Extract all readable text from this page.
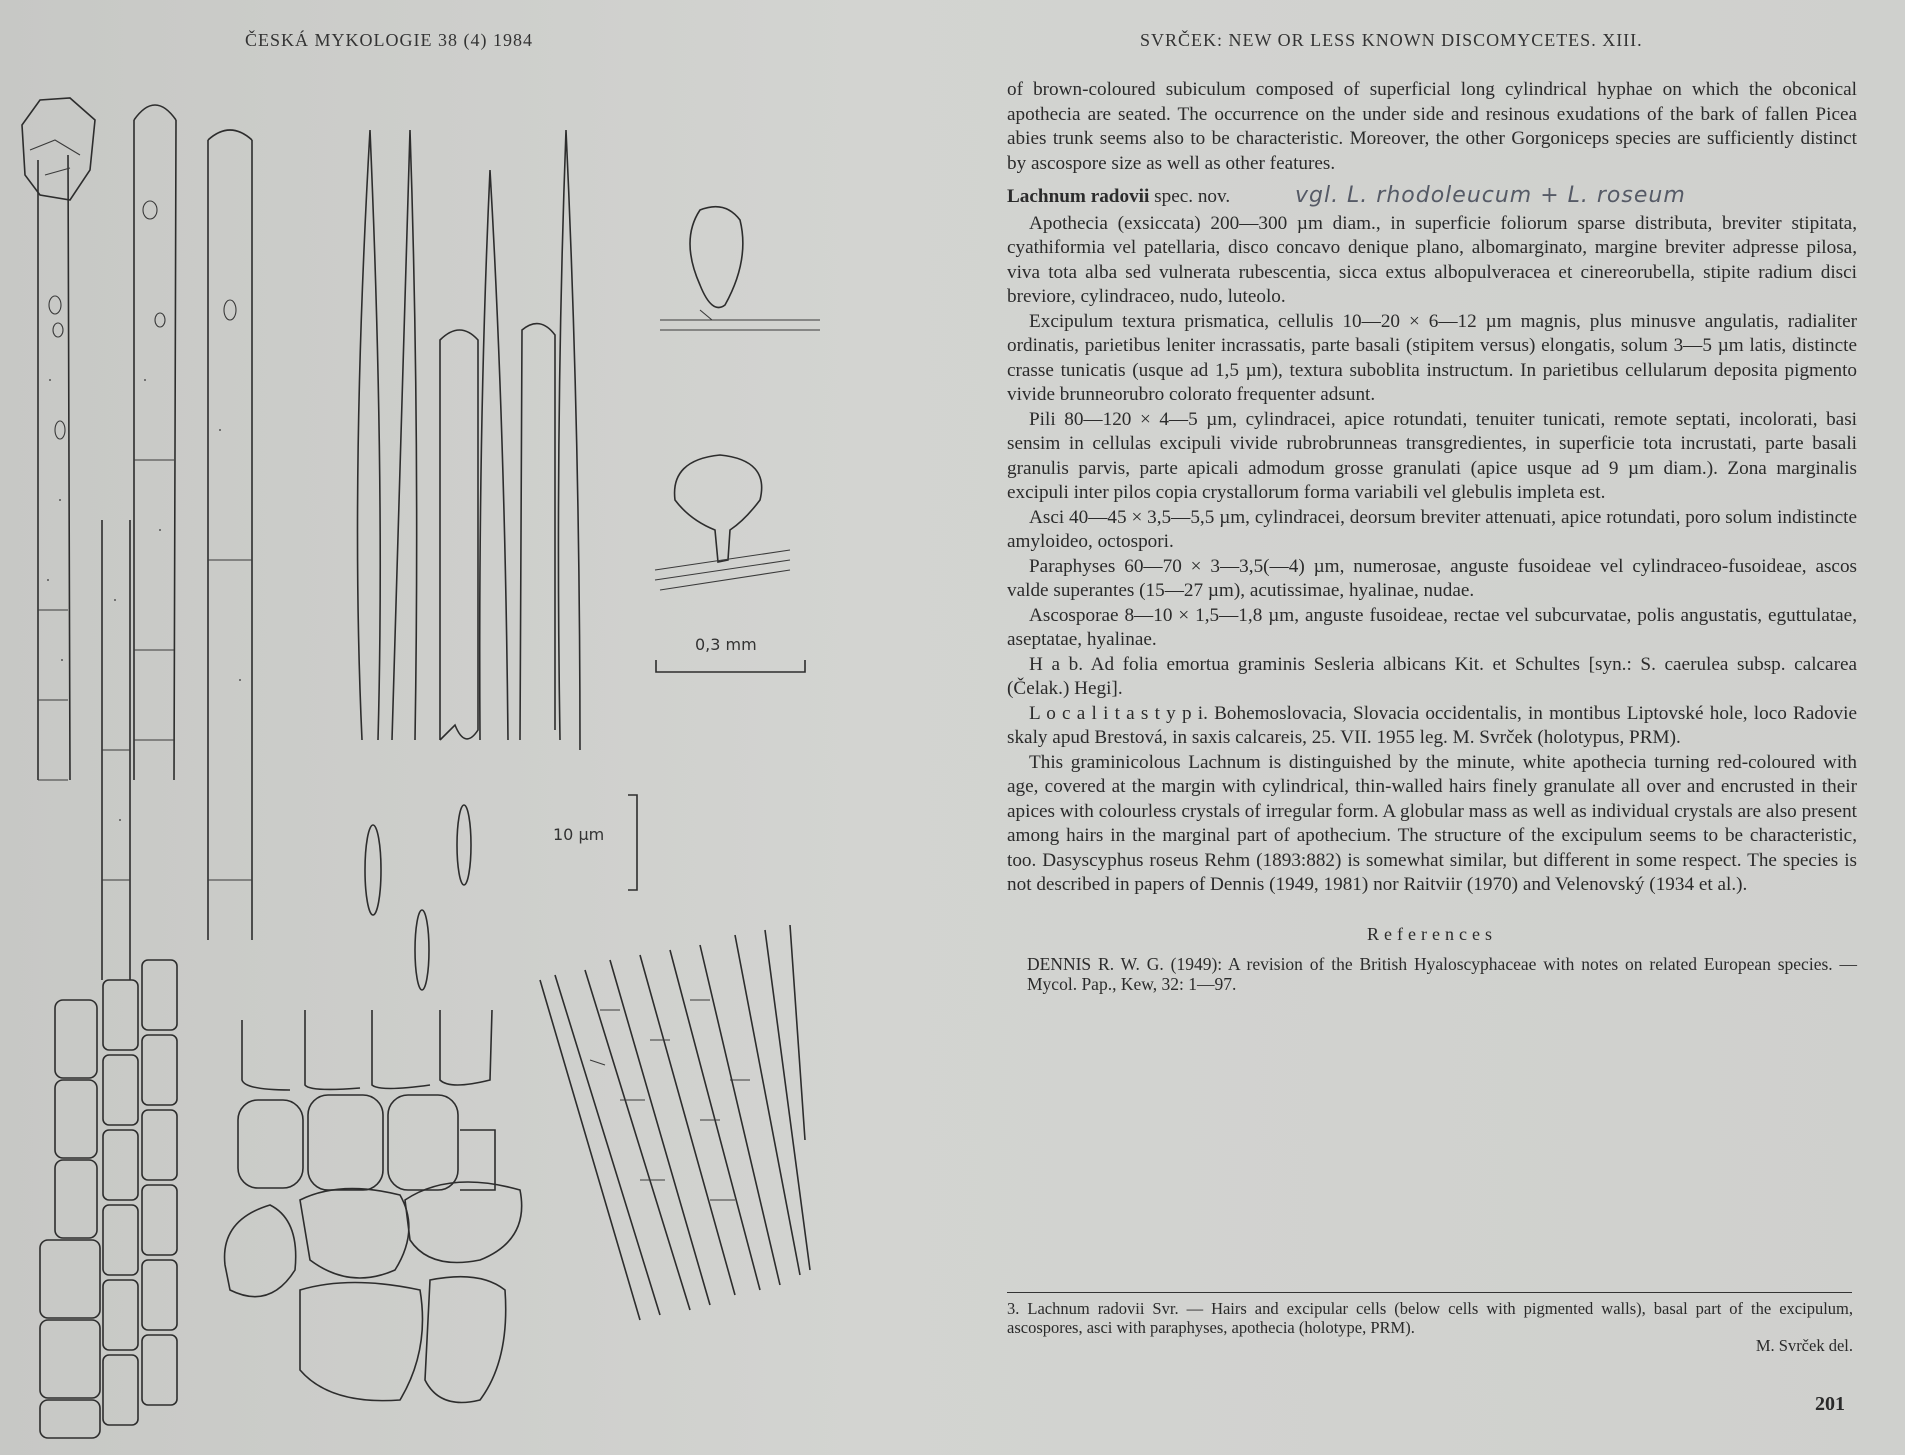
ČESKÁ MYKOLOGIE 38 (4) 1984	SVRČEK: NEW OR LESS KNOWN DISCOMYCETES. XIII.
0,3 mm
10 µm

of brown-coloured subiculum composed of superficial long cylindrical hyphae on which the obconical apothecia are seated. The occurrence on the under side and resinous exudations of the bark of fallen Picea abies trunk seems also to be characteristic. Moreover, the other Gorgoniceps species are sufficiently distinct by ascospore size as well as other features.

Lachnum radovii spec. nov.	vgl. L. rhodoleucum + L. roseum

Apothecia (exsiccata) 200—300 µm diam., in superficie foliorum sparse distributa, breviter stipitata, cyathiformia vel patellaria, disco concavo denique plano, albomarginato, margine breviter adpresse pilosa, viva tota alba sed vulnerata rubescentia, sicca extus albopulveracea et cinereorubella, stipite radium disci breviore, cylindraceo, nudo, luteolo.

Excipulum textura prismatica, cellulis 10—20 × 6—12 µm magnis, plus minusve angulatis, radialiter ordinatis, parietibus leniter incrassatis, parte basali (stipitem versus) elongatis, solum 3—5 µm latis, distincte crasse tunicatis (usque ad 1,5 µm), textura suboblita instructum. In parietibus cellularum deposita pigmento vivide brunneorubro colorato frequenter adsunt.

Pili 80—120 × 4—5 µm, cylindracei, apice rotundati, tenuiter tunicati, remote septati, incolorati, basi sensim in cellulas excipuli vivide rubrobrunneas transgredientes, in superficie tota incrustati, parte basali granulis parvis, parte apicali admodum grosse granulati (apice usque ad 9 µm diam.). Zona marginalis excipuli inter pilos copia crystallorum forma variabili vel glebulis impleta est.

Asci 40—45 × 3,5—5,5 µm, cylindracei, deorsum breviter attenuati, apice rotundati, poro solum indistincte amyloideo, octospori.

Paraphyses 60—70 × 3—3,5(—4) µm, numerosae, anguste fusoideae vel cylindraceo-fusoideae, ascos valde superantes (15—27 µm), acutissimae, hyalinae, nudae.

Ascosporae 8—10 × 1,5—1,8 µm, anguste fusoideae, rectae vel subcurvatae, polis angustatis, eguttulatae, aseptatae, hyalinae.

H a b. Ad folia emortua graminis Sesleria albicans Kit. et Schultes [syn.: S. caerulea subsp. calcarea (Čelak.) Hegi].

L o c a l i t a s t y p i. Bohemoslovacia, Slovacia occidentalis, in montibus Liptovské hole, loco Radovie skaly apud Brestová, in saxis calcareis, 25. VII. 1955 leg. M. Svrček (holotypus, PRM).

This graminicolous Lachnum is distinguished by the minute, white apothecia turning red-coloured with age, covered at the margin with cylindrical, thin-walled hairs finely granulate all over and encrusted in their apices with colourless crystals of irregular form. A globular mass as well as individual crystals are also present among hairs in the marginal part of apothecium. The structure of the excipulum seems to be characteristic, too. Dasyscyphus roseus Rehm (1893:882) is somewhat similar, but different in some respect. The species is not described in papers of Dennis (1949, 1981) nor Raitviir (1970) and Velenovský (1934 et al.).

References

DENNIS R. W. G. (1949): A revision of the British Hyaloscyphaceae with notes on related European species. — Mycol. Pap., Kew, 32: 1—97.

3. Lachnum radovii Svr. — Hairs and excipular cells (below cells with pigmented walls), basal part of the excipulum, ascospores, asci with paraphyses, apothecia (holotype, PRM).

M. Svrček del.

201
